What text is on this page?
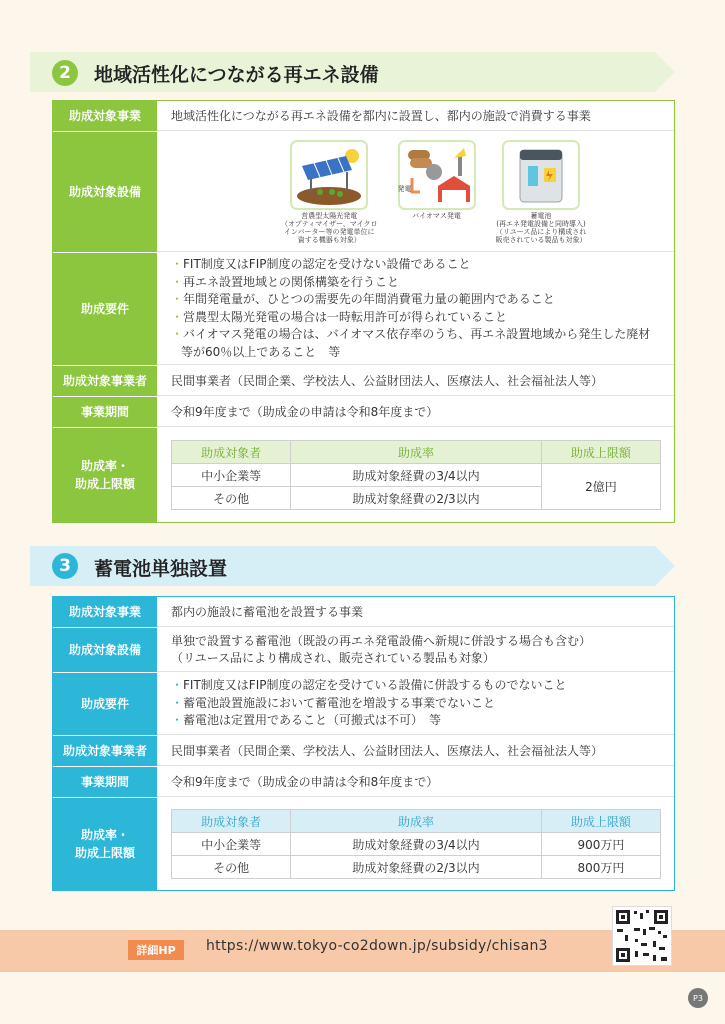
2	地域活性化につながる再エネ設備
助成対象事業	地域活性化につながる再エネ設備を都内に設置し、都内の施設で消費する事業
助成対象設備
営農型太陽光発電
（オプティマイザー、マイクロ
インバーター等の発電単位に
資する機器も対象）
バイオマス発電
発電
蓄電池
(再エネ発電設備と同時導入)
（リユース品により構成され
販売されている製品も対象）
助成要件
・FIT制度又はFIP制度の認定を受けない設備であること
・再エネ設置地域との関係構築を行うこと
・年間発電量が、ひとつの需要先の年間消費電力量の範囲内であること
・営農型太陽光発電の場合は一時転用許可が得られていること
・バイオマス発電の場合は、バイオマス依存率のうち、再エネ設置地域から発生した廃材等が60％以上であること　等
助成対象事業者	民間事業者（民間企業、学校法人、公益財団法人、医療法人、社会福祉法人等）
事業期間	令和9年度まで（助成金の申請は令和8年度まで）
助成率・
助成上限額
助成対象者	助成率	助成上限額
中小企業等	助成対象経費の3/4以内	2億円
その他	助成対象経費の2/3以内	
3	蓄電池単独設置
助成対象事業	都内の施設に蓄電池を設置する事業
助成対象設備
単独で設置する蓄電池（既設の再エネ発電設備へ新規に併設する場合も含む）
（リユース品により構成され、販売されている製品も対象）
助成要件
・FIT制度又はFIP制度の認定を受けている設備に併設するものでないこと
・蓄電池設置施設において蓄電池を増設する事業でないこと
・蓄電池は定置用であること（可搬式は不可）　等
助成対象事業者	民間事業者（民間企業、学校法人、公益財団法人、医療法人、社会福祉法人等）
事業期間	令和9年度まで（助成金の申請は令和8年度まで）
助成率・
助成上限額
助成対象者	助成率	助成上限額
中小企業等	助成対象経費の3/4以内	900万円
その他	助成対象経費の2/3以内	800万円
詳細HP	https://www.tokyo-co2down.jp/subsidy/chisan3
P3
